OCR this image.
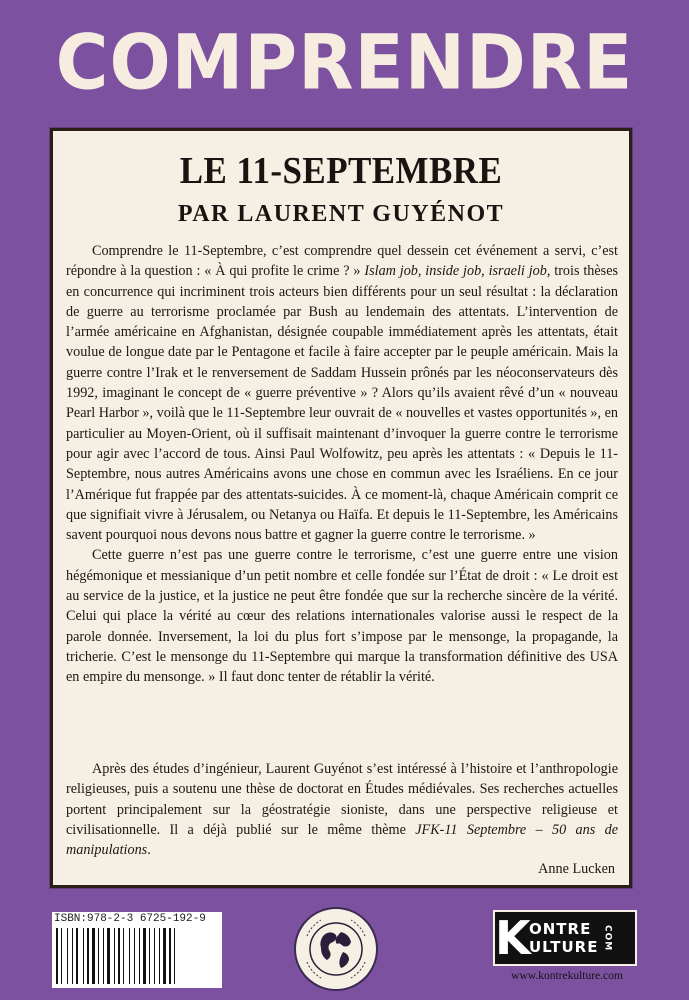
COMPRENDRE
LE 11-SEPTEMBRE
PAR LAURENT GUYÉNOT

Comprendre le 11-Septembre, c’est comprendre quel dessein cet événement a servi, c’est répondre à la question : « À qui profite le crime ? » Islam job, inside job, israeli job, trois thèses en concurrence qui incriminent trois acteurs bien différents pour un seul résultat : la déclaration de guerre au terrorisme proclamée par Bush au lendemain des attentats. L’intervention de l’armée américaine en Afghanistan, désignée coupable immédiatement après les attentats, était voulue de longue date par le Pentagone et facile à faire accepter par le peuple américain. Mais la guerre contre l’Irak et le renversement de Saddam Hussein prônés par les néoconservateurs dès 1992, imaginant le concept de « guerre préventive » ? Alors qu’ils avaient rêvé d’un « nouveau Pearl Harbor », voilà que le 11-Septembre leur ouvrait de « nouvelles et vastes opportunités », en particulier au Moyen-Orient, où il suffisait maintenant d’invoquer la guerre contre le terrorisme pour agir avec l’accord de tous. Ainsi Paul Wolfowitz, peu après les attentats : « Depuis le 11-Septembre, nous autres Américains avons une chose en commun avec les Israéliens. En ce jour l’Amérique fut frappée par des attentats-suicides. À ce moment-là, chaque Américain comprit ce que signifiait vivre à Jérusalem, ou Netanya ou Haïfa. Et depuis le 11-Septembre, les Américains savent pourquoi nous devons nous battre et gagner la guerre contre le terrorisme. »

Cette guerre n’est pas une guerre contre le terrorisme, c’est une guerre entre une vision hégémonique et messianique d’un petit nombre et celle fondée sur l’État de droit : « Le droit est au service de la justice, et la justice ne peut être fondée que sur la recherche sincère de la vérité. Celui qui place la vérité au cœur des relations internationales valorise aussi le respect de la parole donnée. Inversement, la loi du plus fort s’impose par le mensonge, la propagande, la tricherie. C’est le mensonge du 11-Septembre qui marque la transformation définitive des USA en empire du mensonge. » Il faut donc tenter de rétablir la vérité.

Après des études d’ingénieur, Laurent Guyénot s’est intéressé à l’histoire et l’anthropologie religieuses, puis a soutenu une thèse de doctorat en Études médiévales. Ses recherches actuelles portent principalement sur la géostratégie sioniste, dans une perspective religieuse et civilisationnelle. Il a déjà publié sur le même thème JFK-11 Septembre – 50 ans de manipulations.

Anne Lucken
ISBN:978-2-3 6725-192-9	K
ONTRE
ULTURE COM
www.kontrekulture.com
